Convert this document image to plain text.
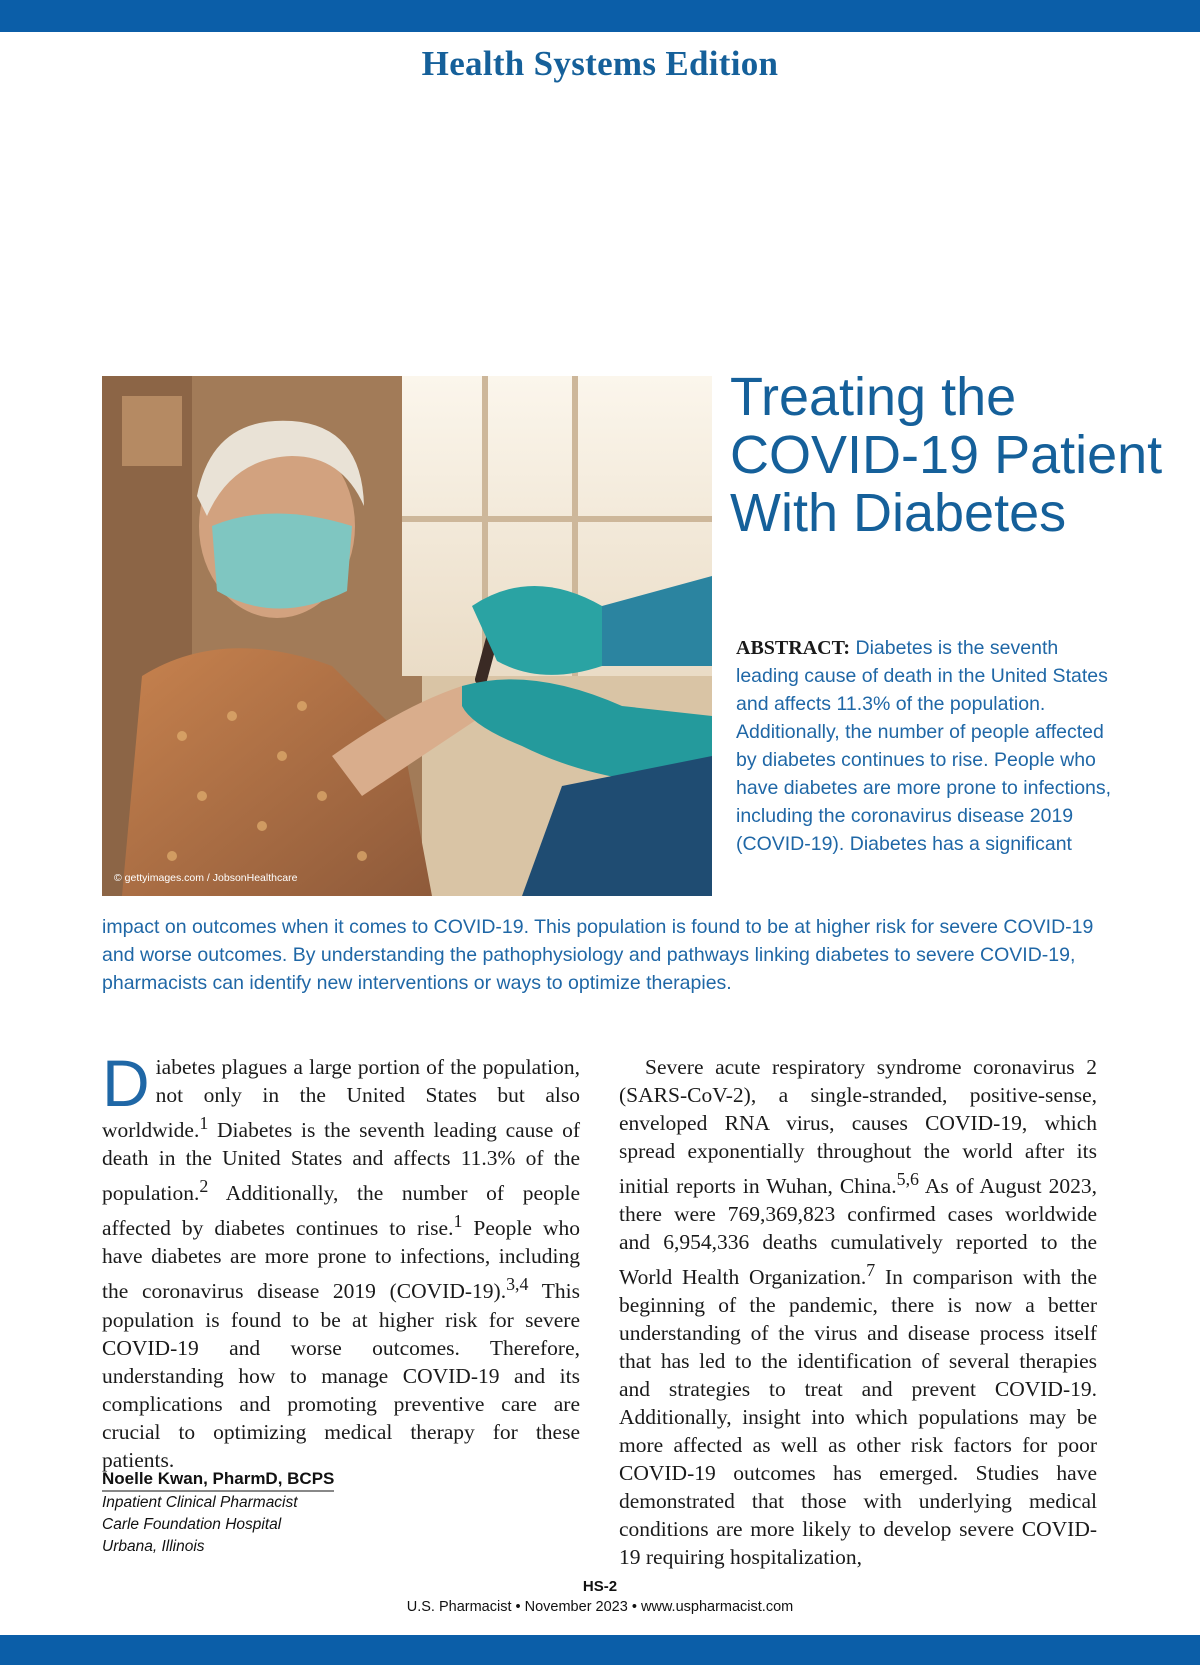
Health Systems Edition
© gettyimages.com / JobsonHealthcare
Treating the COVID-19 Patient With Diabetes
ABSTRACT: Diabetes is the seventh leading cause of death in the United States and affects 11.3% of the population. Additionally, the number of people affected by diabetes continues to rise. People who have diabetes are more prone to infections, including the coronavirus disease 2019 (COVID-19). Diabetes has a significant
impact on outcomes when it comes to COVID-19. This population is found to be at higher risk for severe COVID-19 and worse outcomes. By understanding the pathophysiology and pathways linking diabetes to severe COVID-19, pharmacists can identify new interventions or ways to optimize therapies.

Diabetes plagues a large portion of the population, not only in the United States but also worldwide.$^1$ Diabetes is the seventh leading cause of death in the United States and affects 11.3% of the population.$^2$ Additionally, the number of people affected by diabetes continues to rise.$^1$ People who have diabetes are more prone to infections, including the coronavirus disease 2019 (COVID-19).$^{3,4}$ This population is found to be at higher risk for severe COVID-19 and worse outcomes. Therefore, understanding how to manage COVID-19 and its complications and promoting preventive care are crucial to optimizing medical therapy for these patients.

Noelle Kwan, PharmD, BCPS
Inpatient Clinical Pharmacist
Carle Foundation Hospital
Urbana, Illinois

Severe acute respiratory syndrome coronavirus 2 (SARS-CoV-2), a single-stranded, positive-sense, enveloped RNA virus, causes COVID-19, which spread exponentially throughout the world after its initial reports in Wuhan, China.$^{5,6}$ As of August 2023, there were 769,369,823 confirmed cases worldwide and 6,954,336 deaths cumulatively reported to the World Health Organization.$^7$ In comparison with the beginning of the pandemic, there is now a better understanding of the virus and disease process itself that has led to the identification of several therapies and strategies to treat and prevent COVID-19. Additionally, insight into which populations may be more affected as well as other risk factors for poor COVID-19 outcomes has emerged. Studies have demonstrated that those with underlying medical conditions are more likely to develop severe COVID-19 requiring hospitalization,

HS-2
U.S. Pharmacist • November 2023 • www.uspharmacist.com
